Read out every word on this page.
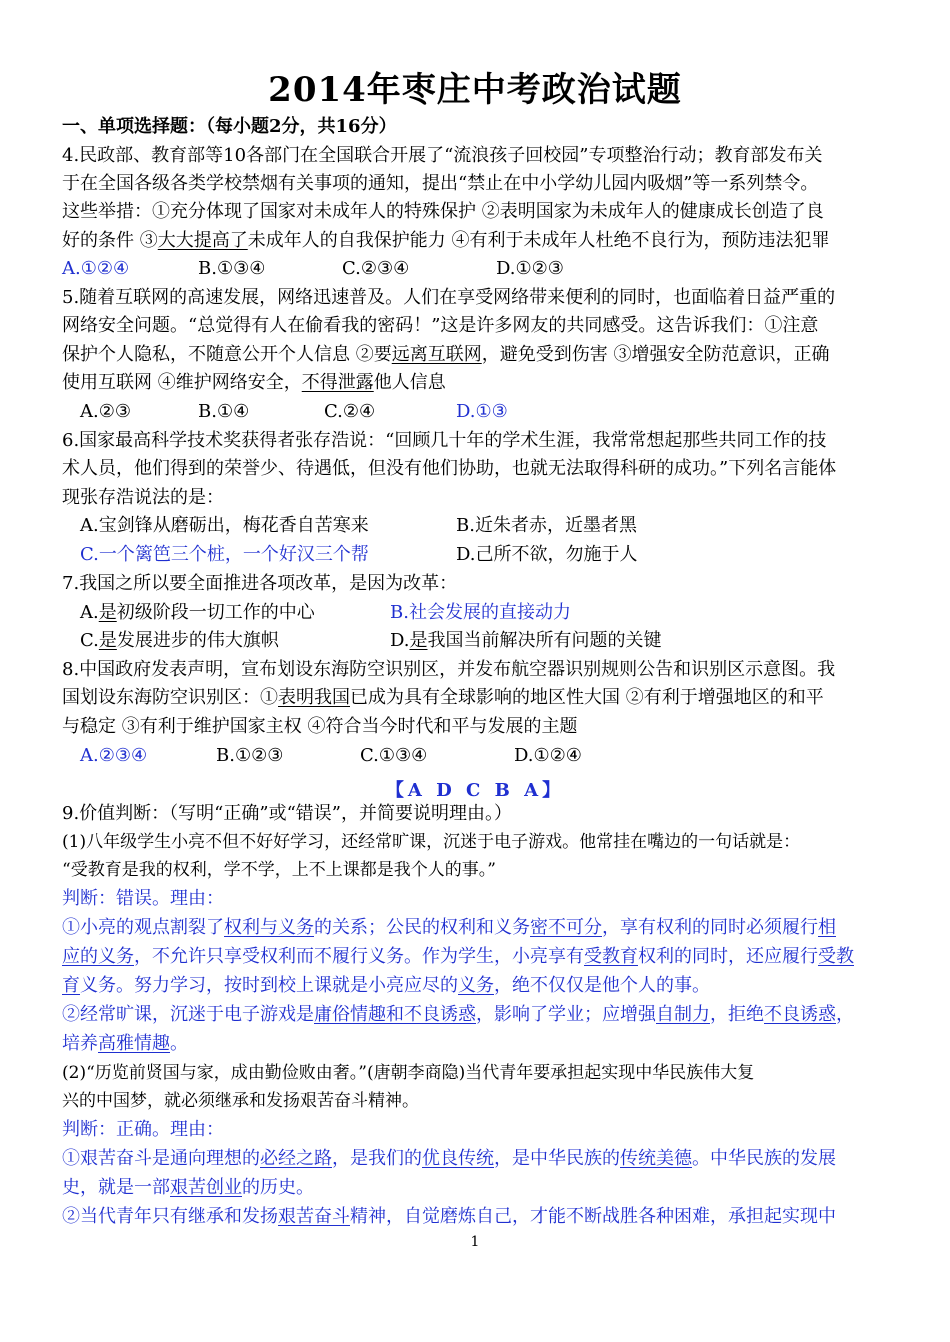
2014年枣庄中考政治试题
一、单项选择题：（每小题2分，共16分）
4.民政部、教育部等10各部门在全国联合开展了“流浪孩子回校园”专项整治行动；教育部发布关
于在全国各级各类学校禁烟有关事项的通知，提出“禁止在中小学幼儿园内吸烟”等一系列禁令。
这些举措：①充分体现了国家对未成年人的特殊保护 ②表明国家为未成年人的健康成长创造了良
好的条件 ③大大提高了未成年人的自我保护能力 ④有利于未成年人杜绝不良行为，预防违法犯罪
A.①②④	B.①③④	C.②③④	D.①②③
5.随着互联网的高速发展，网络迅速普及。人们在享受网络带来便利的同时，也面临着日益严重的
网络安全问题。“总觉得有人在偷看我的密码！”这是许多网友的共同感受。这告诉我们：①注意
保护个人隐私，不随意公开个人信息 ②要远离互联网，避免受到伤害 ③增强安全防范意识，正确
使用互联网 ④维护网络安全，不得泄露他人信息
A.②③	B.①④	C.②④	D.①③
6.国家最高科学技术奖获得者张存浩说：“回顾几十年的学术生涯，我常常想起那些共同工作的技
术人员，他们得到的荣誉少、待遇低，但没有他们协助，也就无法取得科研的成功。”下列名言能体
现张存浩说法的是：
A.宝剑锋从磨砺出，梅花香自苦寒来	B.近朱者赤，近墨者黑
C.一个篱笆三个桩，一个好汉三个帮	D.己所不欲，勿施于人
7.我国之所以要全面推进各项改革，是因为改革：
A.是初级阶段一切工作的中心	B.社会发展的直接动力
C.是发展进步的伟大旗帜	D.是我国当前解决所有问题的关键
8.中国政府发表声明，宣布划设东海防空识别区，并发布航空器识别规则公告和识别区示意图。我
国划设东海防空识别区：①表明我国已成为具有全球影响的地区性大国 ②有利于增强地区的和平
与稳定 ③有利于维护国家主权 ④符合当今时代和平与发展的主题
A.②③④	B.①②③	C.①③④	D.①②④
【A D C B A】
9.价值判断：（写明“正确”或“错误”，并简要说明理由。）
(1)八年级学生小亮不但不好好学习，还经常旷课，沉迷于电子游戏。他常挂在嘴边的一句话就是：
“受教育是我的权利，学不学，上不上课都是我个人的事。”
判断：错误。理由：
①小亮的观点割裂了权利与义务的关系；公民的权利和义务密不可分，享有权利的同时必须履行相
应的义务，不允许只享受权利而不履行义务。作为学生，小亮享有受教育权利的同时，还应履行受教
育义务。努力学习，按时到校上课就是小亮应尽的义务，绝不仅仅是他个人的事。
②经常旷课，沉迷于电子游戏是庸俗情趣和不良诱惑，影响了学业；应增强自制力，拒绝不良诱惑，
培养高雅情趣。
(2)“历览前贤国与家，成由勤俭败由奢。”(唐朝李商隐)当代青年要承担起实现中华民族伟大复
兴的中国梦，就必须继承和发扬艰苦奋斗精神。
判断：正确。理由：
①艰苦奋斗是通向理想的必经之路，是我们的优良传统，是中华民族的传统美德。中华民族的发展
史，就是一部艰苦创业的历史。
②当代青年只有继承和发扬艰苦奋斗精神，自觉磨炼自己，才能不断战胜各种困难，承担起实现中
1
